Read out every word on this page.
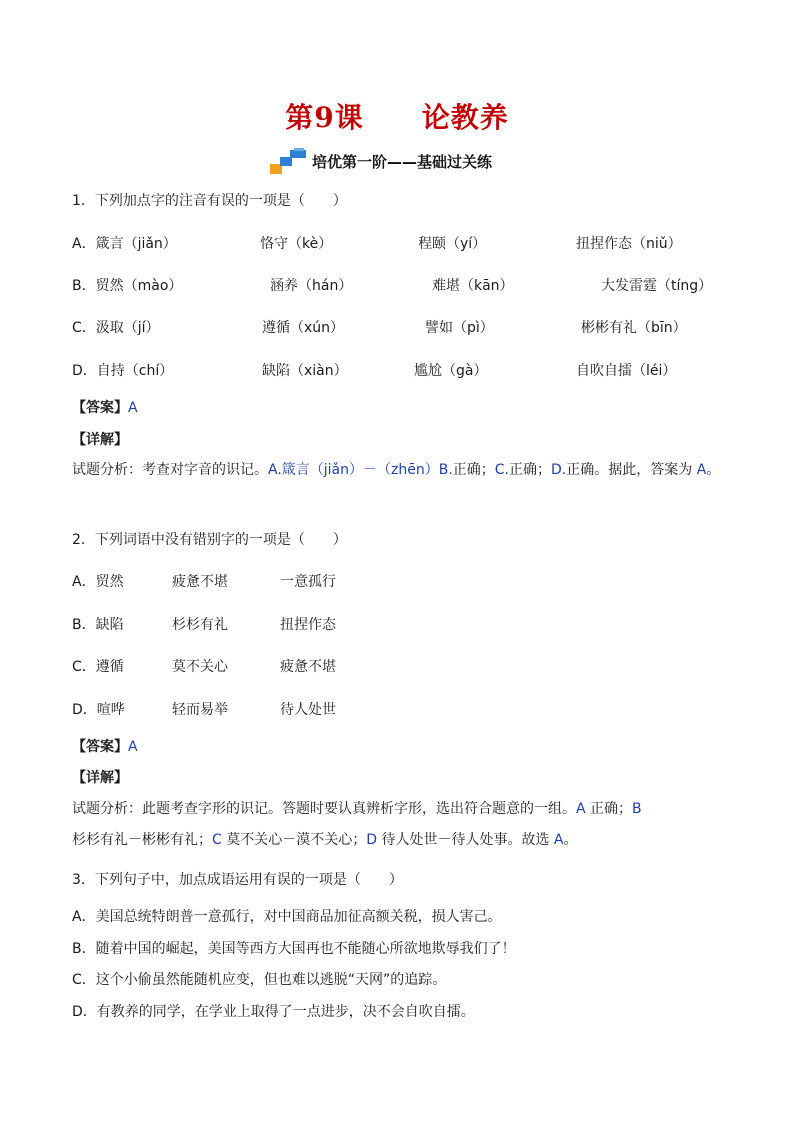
第9课　　论教养
培优第一阶——基础过关练
1．下列加点字的注音有误的一项是（　　）
A．箴言（jiǎn）	恪守（kè）	程颐（yí）	扭捏作态（niǔ）
B．贸然（mào）	涵养（hán）	难堪（kān）	大发雷霆（tíng）
C．汲取（jí）	遵循（xún）	譬如（pì）	彬彬有礼（bīn）
D．自持（chí）	缺陷（xiàn）	尴尬（gà）	自吹自擂（léi）
【答案】A
【详解】
试题分析：考查对字音的识记。A.箴言（jiǎn）－（zhēn）B.正确；C.正确；D.正确。据此，答案为 A。
2．下列词语中没有错别字的一项是（　　）
A．贸然	疲惫不堪	一意孤行
B．缺陷	杉杉有礼	扭捏作态
C．遵循	莫不关心	疲惫不堪
D．喧哗	轻而易举	待人处世
【答案】A
【详解】
试题分析：此题考查字形的识记。答题时要认真辨析字形，选出符合题意的一组。A 正确；B
杉杉有礼－彬彬有礼；C 莫不关心－漠不关心；D 待人处世－待人处事。故选 A。
3．下列句子中，加点成语运用有误的一项是（　　）
A．美国总统特朗普一意孤行，对中国商品加征高额关税，损人害己。
B．随着中国的崛起，美国等西方大国再也不能随心所欲地欺辱我们了！
C．这个小偷虽然能随机应变，但也难以逃脱“天网”的追踪。
D．有教养的同学，在学业上取得了一点进步，决不会自吹自擂。
